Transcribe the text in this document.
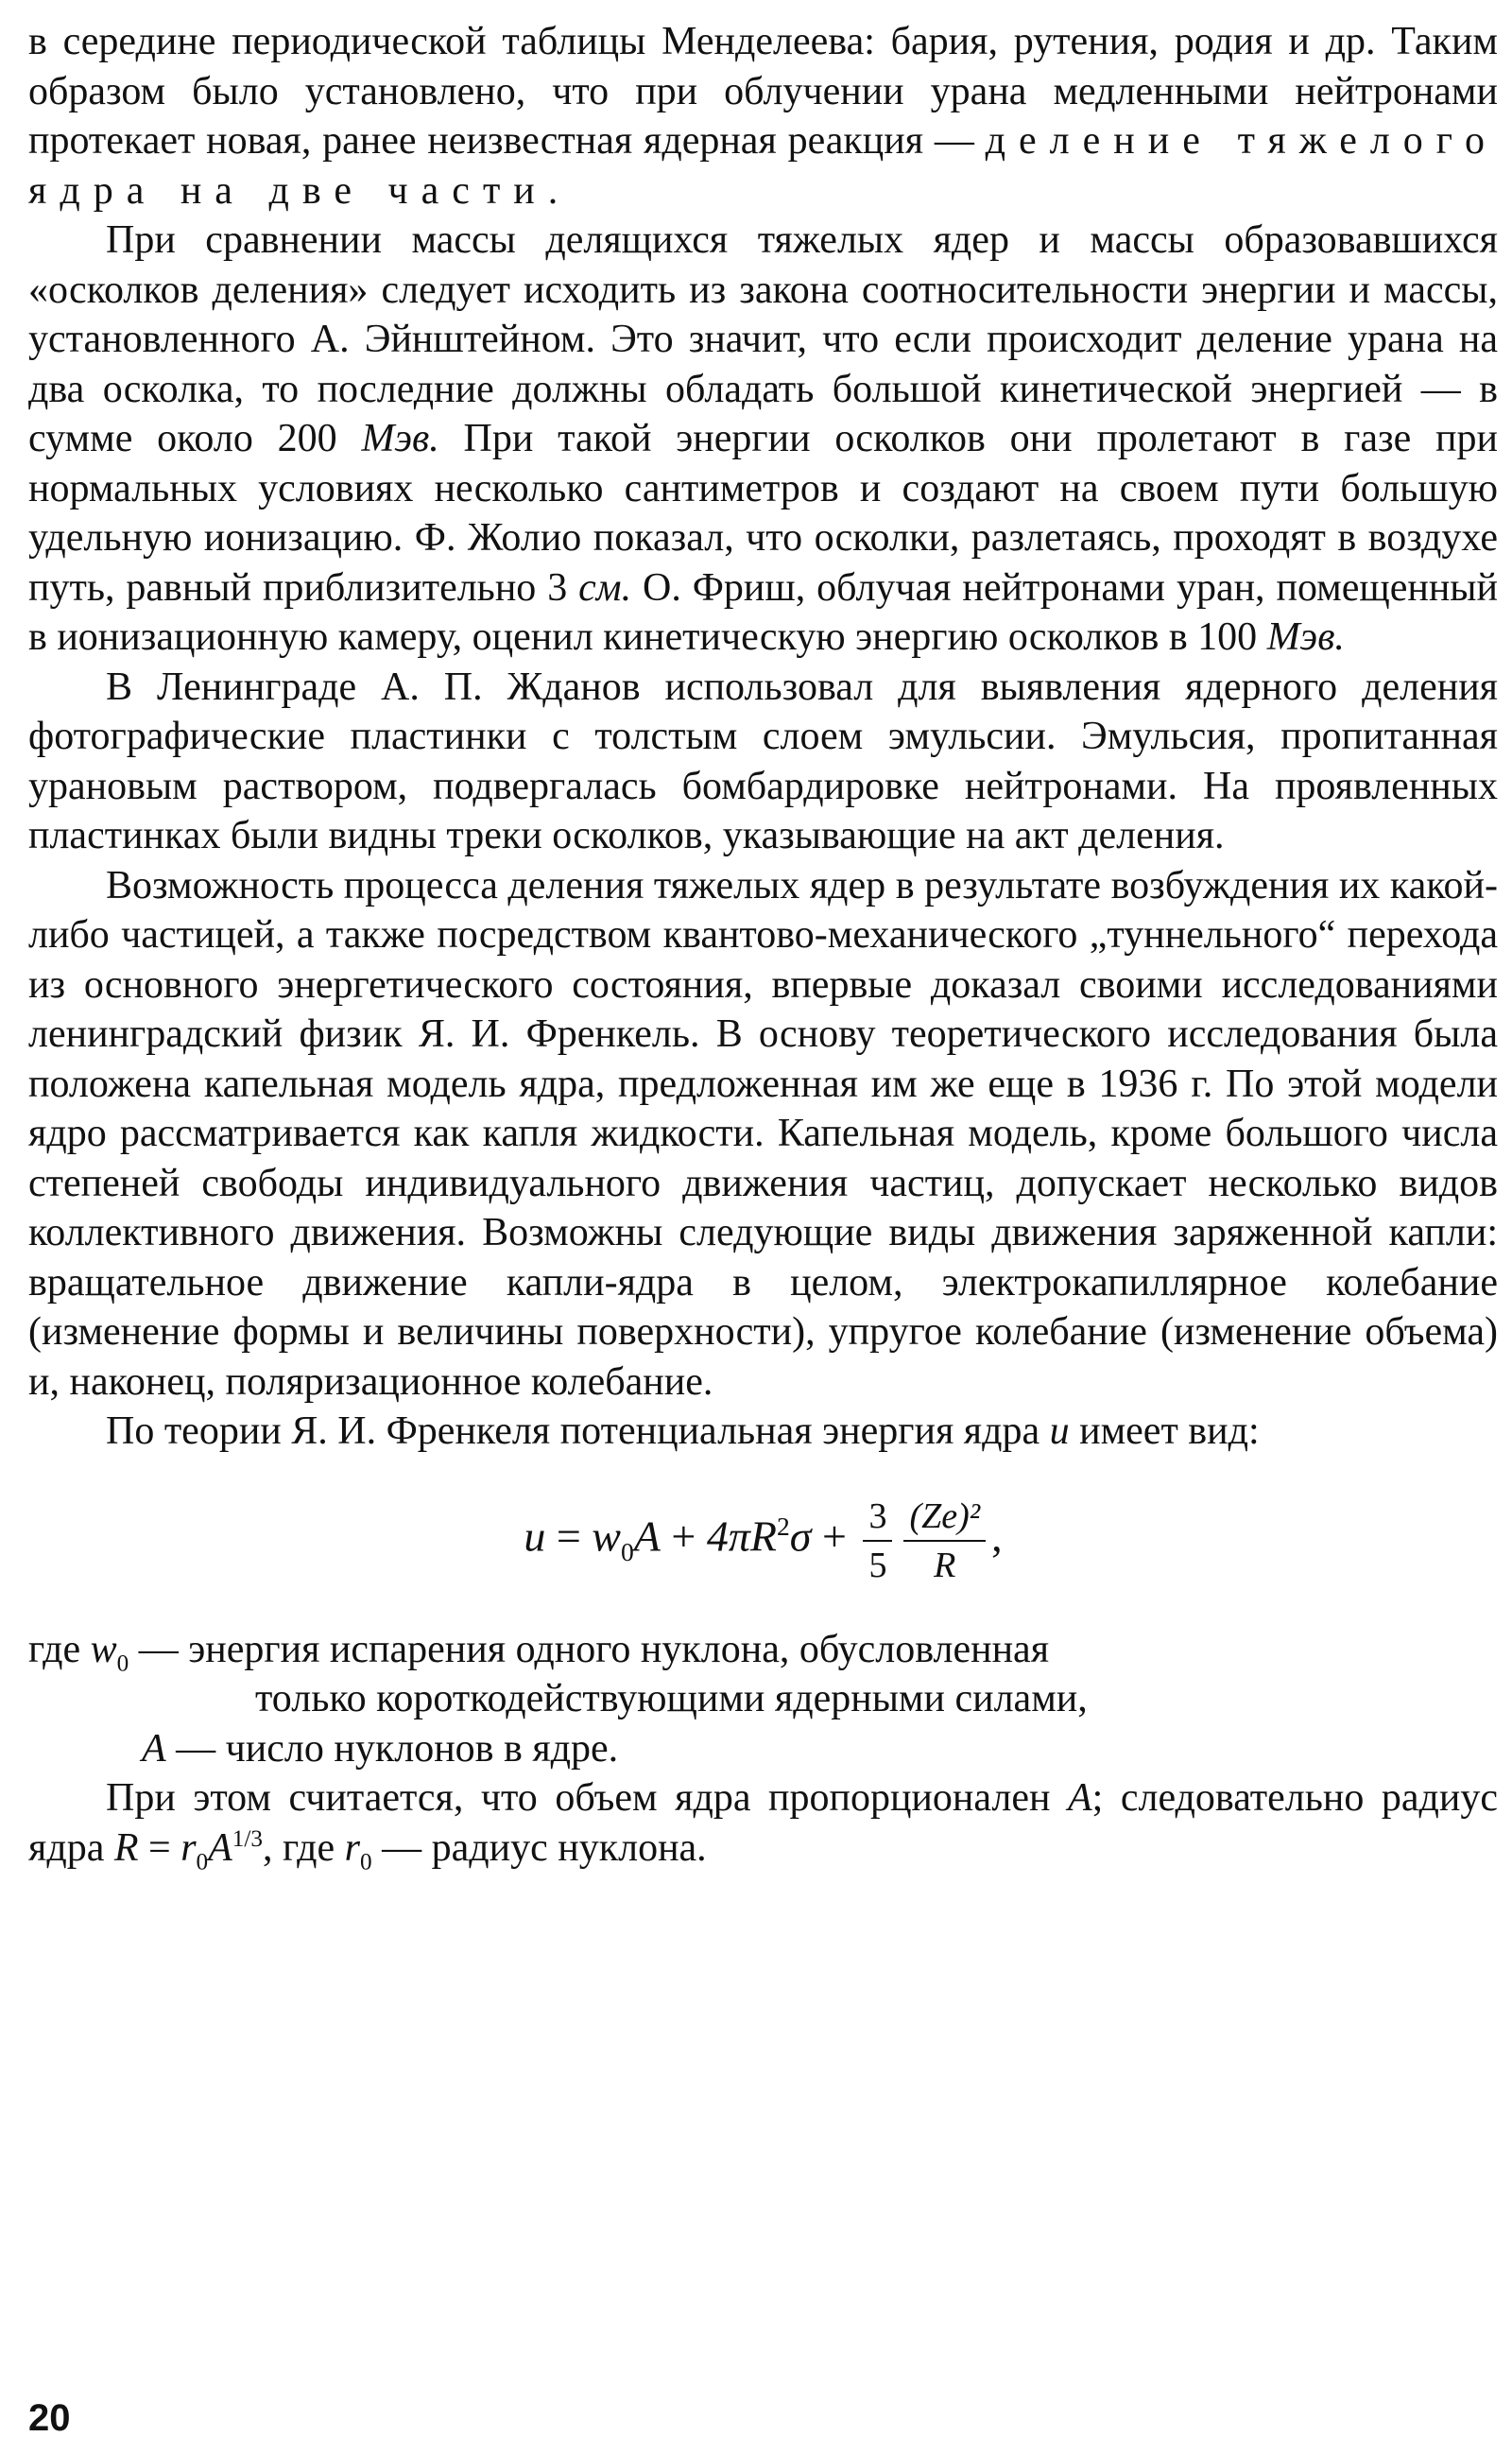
в середине периодической таблицы Менделеева: бария, рутения, родия и др. Таким образом было установлено, что при облучении урана медленными нейтронами протекает новая, ранее неизвестная ядерная реакция — деление тяжелого ядра на две части.

При сравнении массы делящихся тяжелых ядер и массы образовавшихся «осколков деления» следует исходить из закона соотносительности энергии и массы, установленного А. Эйнштейном. Это значит, что если происходит деление урана на два осколка, то последние должны обладать большой кинетической энергией — в сумме около 200 Мэв. При такой энергии осколков они пролетают в газе при нормальных условиях несколько сантиметров и создают на своем пути большую удельную ионизацию. Ф. Жолио показал, что осколки, разлетаясь, проходят в воздухе путь, равный приблизительно 3 см. О. Фриш, облучая нейтронами уран, помещенный в ионизационную камеру, оценил кинетическую энергию осколков в 100 Мэв.

В Ленинграде А. П. Жданов использовал для выявления ядерного деления фотографические пластинки с толстым слоем эмульсии. Эмульсия, пропитанная урановым раствором, подвергалась бомбардировке нейтронами. На проявленных пластинках были видны треки осколков, указывающие на акт деления.

Возможность процесса деления тяжелых ядер в результате возбуждения их какой-либо частицей, а также посредством квантово-механического „туннельного“ перехода из основного энергетического состояния, впервые доказал своими исследованиями ленинградский физик Я. И. Френкель. В основу теоретического исследования была положена капельная модель ядра, предложенная им же еще в 1936 г. По этой модели ядро рассматривается как капля жидкости. Капельная модель, кроме большого числа степеней свободы индивидуального движения частиц, допускает несколько видов коллективного движения. Возможны следующие виды движения заряженной капли: вращательное движение капли-ядра в целом, электрокапиллярное колебание (изменение формы и величины поверхности), упругое колебание (изменение объема) и, наконец, поляризационное колебание.

По теории Я. И. Френкеля потенциальная энергия ядра u имеет вид:

$u = w_0A + 4\pi R^2\sigma + \frac{3}{5} \frac{\text{(Ze)²}}{R}$ ,
где $w_0$ — энергия испарения одного нуклона, обусловленная
только короткодействующими ядерными силами,
A — число нуклонов в ядре.

При этом считается, что объем ядра пропорционален A; следовательно радиус ядра $R = r_0A^{1/3}$, где $r_0$ — радиус нуклона.

20
